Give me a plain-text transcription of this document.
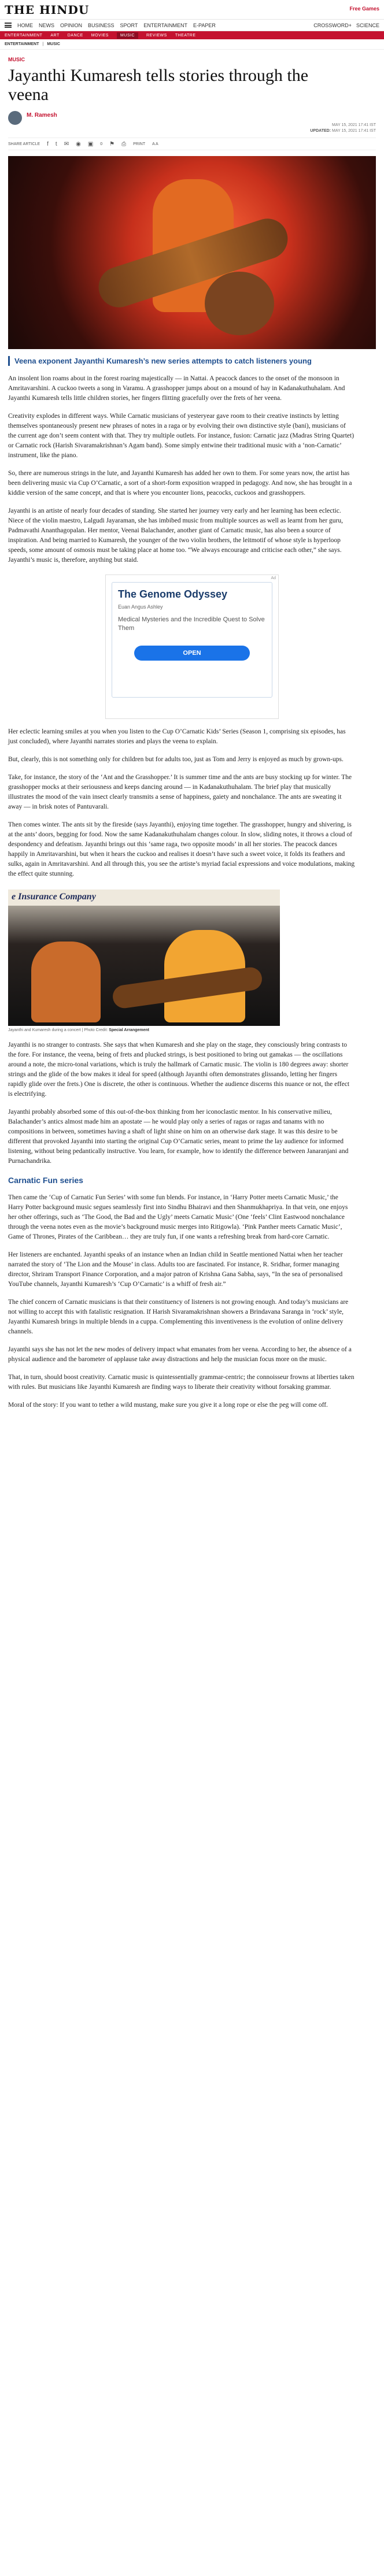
THE HINDU	Free Games
HOME NEWS OPINION BUSINESS SPORT ENTERTAINMENT E-PAPER	CROSSWORD+ SCIENCE
ENTERTAINMENT ART DANCE MOVIES	MUSIC	REVIEWS THEATRE
ENTERTAINMENT | MUSIC
MUSIC
Jayanthi Kumaresh tells stories through the veena
M. Ramesh
MAY 15, 2021 17:41 IST
UPDATED: MAY 15, 2021 17:41 IST
SHARE ARTICLE f t ✉ ◉ ▣ 0 ⚑ ⎙ PRINT A A
Veena exponent Jayanthi Kumaresh’s new series attempts to catch listeners young

An insolent lion roams about in the forest roaring majestically — in Nattai. A peacock dances to the onset of the monsoon in Amritavarshini. A cuckoo tweets a song in Varamu. A grasshopper jumps about on a mound of hay in Kadanakuthuhalam. And Jayanthi Kumaresh tells little children stories, her fingers flitting gracefully over the frets of her veena.

Creativity explodes in different ways. While Carnatic musicians of yesteryear gave room to their creative instincts by letting themselves spontaneously present new phrases of notes in a raga or by evolving their own distinctive style (bani), musicians of the current age don’t seem content with that. They try multiple outlets. For instance, fusion: Carnatic jazz (Madras String Quartet) or Carnatic rock (Harish Sivaramakrishnan’s Agam band). Some simply entwine their traditional music with a ‘non-Carnatic’ instrument, like the piano.

So, there are numerous strings in the lute, and Jayanthi Kumaresh has added her own to them. For some years now, the artist has been delivering music via Cup O’Carnatic, a sort of a short-form exposition wrapped in pedagogy. And now, she has brought in a kiddie version of the same concept, and that is where you encounter lions, peacocks, cuckoos and grasshoppers.

Jayanthi is an artiste of nearly four decades of standing. She started her journey very early and her learning has been eclectic. Niece of the violin maestro, Lalgudi Jayaraman, she has imbibed music from multiple sources as well as learnt from her guru, Padmavathi Ananthagopalan. Her mentor, Veenai Balachander, another giant of Carnatic music, has also been a source of inspiration. And being married to Kumaresh, the younger of the two violin brothers, the leitmotif of whose style is hyperloop speeds, some amount of osmosis must be taking place at home too. “We always encourage and criticise each other,” she says. Jayanthi’s music is, therefore, anything but staid.

Ad
The Genome Odyssey
Euan Angus Ashley
Medical Mysteries and the Incredible Quest to Solve Them
OPEN

Her eclectic learning smiles at you when you listen to the Cup O’Carnatic Kids’ Series (Season 1, comprising six episodes, has just concluded), where Jayanthi narrates stories and plays the veena to explain.

But, clearly, this is not something only for children but for adults too, just as Tom and Jerry is enjoyed as much by grown-ups.

Take, for instance, the story of the ‘Ant and the Grasshopper.’ It is summer time and the ants are busy stocking up for winter. The grasshopper mocks at their seriousness and keeps dancing around — in Kadanakuthuhalam. The brief play that musically illustrates the mood of the vain insect clearly transmits a sense of happiness, gaiety and nonchalance. The ants are sweating it away — in brisk notes of Pantuvarali.

Then comes winter. The ants sit by the fireside (says Jayanthi), enjoying time together. The grasshopper, hungry and shivering, is at the ants’ doors, begging for food. Now the same Kadanakuthuhalam changes colour. In slow, sliding notes, it throws a cloud of despondency and defeatism. Jayanthi brings out this ‘same raga, two opposite moods’ in all her stories. The peacock dances happily in Amritavarshini, but when it hears the cuckoo and realises it doesn’t have such a sweet voice, it folds its feathers and sulks, again in Amritavarshini. And all through this, you see the artiste’s myriad facial expressions and voice modulations, making the effect quite stunning.

e Insurance Company
Jayanthi and Kumaresh during a concert | Photo Credit: Special Arrangement

Jayanthi is no stranger to contrasts. She says that when Kumaresh and she play on the stage, they consciously bring contrasts to the fore. For instance, the veena, being of frets and plucked strings, is best positioned to bring out gamakas — the oscillations around a note, the micro-tonal variations, which is truly the hallmark of Carnatic music. The violin is 180 degrees away: shorter strings and the glide of the bow makes it ideal for speed (although Jayanthi often demonstrates glissando, letting her fingers rapidly glide over the frets.) One is discrete, the other is continuous. Whether the audience discerns this nuance or not, the effect is electrifying.

Jayanthi probably absorbed some of this out-of-the-box thinking from her iconoclastic mentor. In his conservative milieu, Balachander’s antics almost made him an apostate — he would play only a series of ragas or ragas and tanams with no compositions in between, sometimes having a shaft of light shine on him on an otherwise dark stage. It was this desire to be different that provoked Jayanthi into starting the original Cup O’Carnatic series, meant to prime the lay audience for informed listening, without being pedantically instructive. You learn, for example, how to identify the difference between Janaranjani and Purnachandrika.

Carnatic Fun series

Then came the ‘Cup of Carnatic Fun Series’ with some fun blends. For instance, in ‘Harry Potter meets Carnatic Music,’ the Harry Potter background music segues seamlessly first into Sindhu Bhairavi and then Shanmukhapriya. In that vein, one enjoys her other offerings, such as ‘The Good, the Bad and the Ugly’ meets Carnatic Music’ (One ‘feels’ Clint Eastwood nonchalance through the veena notes even as the movie’s background music merges into Ritigowla). ‘Pink Panther meets Carnatic Music’, Game of Thrones, Pirates of the Caribbean… they are truly fun, if one wants a refreshing break from hard-core Carnatic.

Her listeners are enchanted. Jayanthi speaks of an instance when an Indian child in Seattle mentioned Nattai when her teacher narrated the story of ‘The Lion and the Mouse’ in class. Adults too are fascinated. For instance, R. Sridhar, former managing director, Shriram Transport Finance Corporation, and a major patron of Krishna Gana Sabha, says, “In the sea of personalised YouTube channels, Jayanthi Kumaresh’s ‘Cup O’Carnatic’ is a whiff of fresh air.”

The chief concern of Carnatic musicians is that their constituency of listeners is not growing enough. And today’s musicians are not willing to accept this with fatalistic resignation. If Harish Sivaramakrishnan showers a Brindavana Saranga in ‘rock’ style, Jayanthi Kumaresh brings in multiple blends in a cuppa. Complementing this inventiveness is the evolution of online delivery channels.

Jayanthi says she has not let the new modes of delivery impact what emanates from her veena. According to her, the absence of a physical audience and the barometer of applause take away distractions and help the musician focus more on the music.

That, in turn, should boost creativity. Carnatic music is quintessentially grammar-centric; the connoisseur frowns at liberties taken with rules. But musicians like Jayanthi Kumaresh are finding ways to liberate their creativity without forsaking grammar.

Moral of the story: If you want to tether a wild mustang, make sure you give it a long rope or else the peg will come off.
